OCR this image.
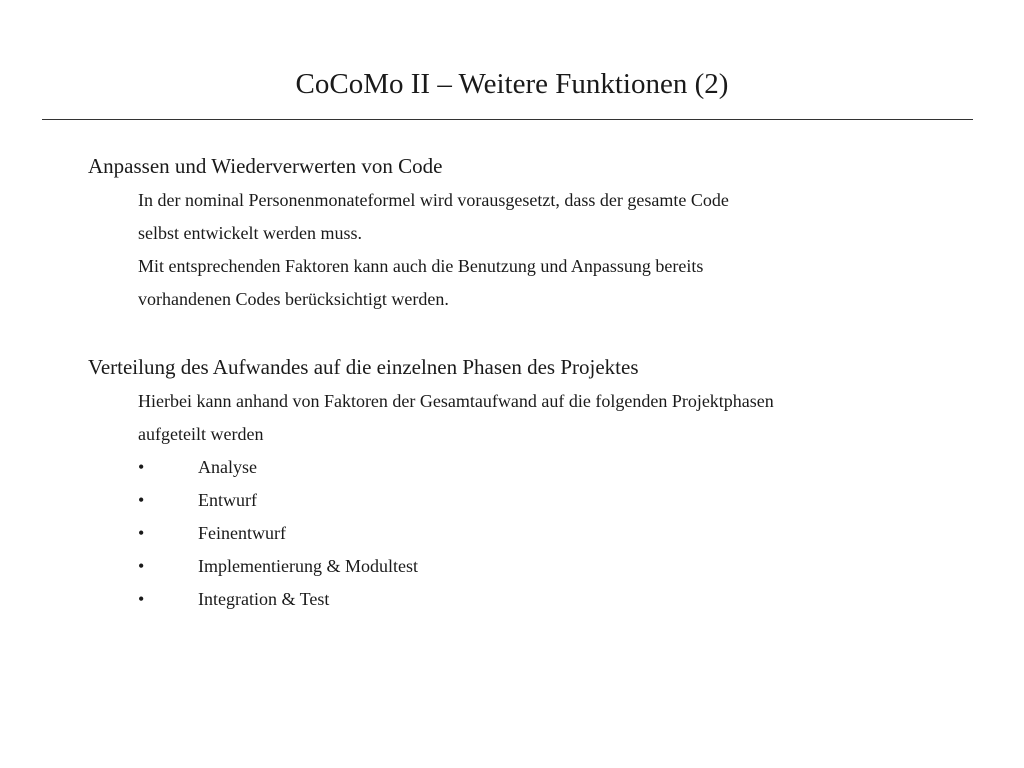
CoCoMo II – Weitere Funktionen (2)
Anpassen und Wiederverwerten von Code
In der nominal Personenmonateformel wird vorausgesetzt, dass der gesamte Code
selbst entwickelt werden muss.
Mit entsprechenden Faktoren kann auch die Benutzung und Anpassung bereits
vorhandenen Codes berücksichtigt werden.
Verteilung des Aufwandes auf die einzelnen Phasen des Projektes
Hierbei kann anhand von Faktoren der Gesamtaufwand auf die folgenden Projektphasen
aufgeteilt werden
•	Analyse
•	Entwurf
•	Feinentwurf
•	Implementierung & Modultest
•	Integration & Test
